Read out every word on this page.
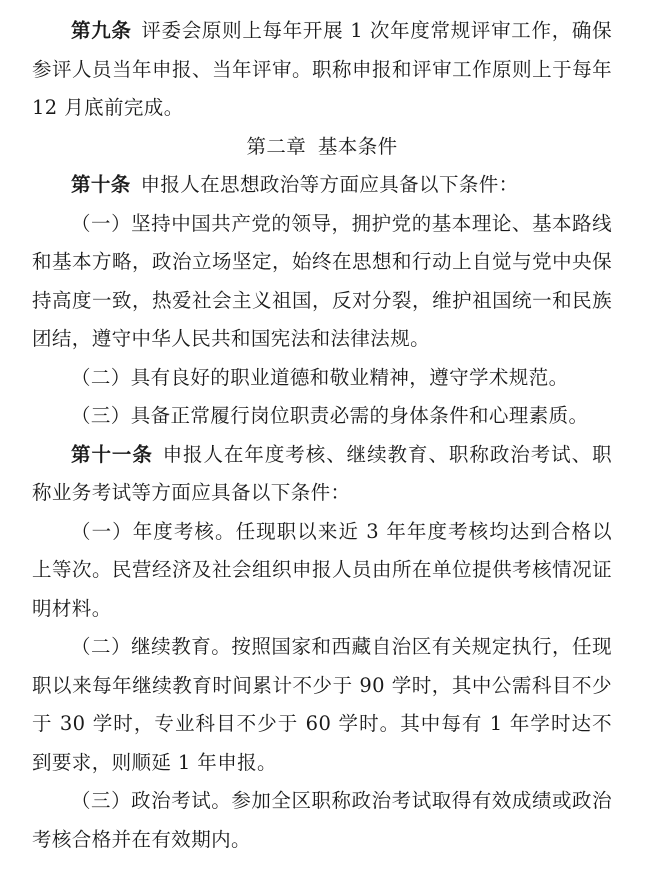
第九条 评委会原则上每年开展 1 次年度常规评审工作，确保参评人员当年申报、当年评审。职称申报和评审工作原则上于每年 12 月底前完成。

第二章 基本条件

第十条 申报人在思想政治等方面应具备以下条件：

（一）坚持中国共产党的领导，拥护党的基本理论、基本路线和基本方略，政治立场坚定，始终在思想和行动上自觉与党中央保持高度一致，热爱社会主义祖国，反对分裂，维护祖国统一和民族团结，遵守中华人民共和国宪法和法律法规。

（二）具有良好的职业道德和敬业精神，遵守学术规范。

（三）具备正常履行岗位职责必需的身体条件和心理素质。

第十一条 申报人在年度考核、继续教育、职称政治考试、职称业务考试等方面应具备以下条件：

（一）年度考核。任现职以来近 3 年年度考核均达到合格以上等次。民营经济及社会组织申报人员由所在单位提供考核情况证明材料。

（二）继续教育。按照国家和西藏自治区有关规定执行，任现职以来每年继续教育时间累计不少于 90 学时，其中公需科目不少于 30 学时，专业科目不少于 60 学时。其中每有 1 年学时达不到要求，则顺延 1 年申报。

（三）政治考试。参加全区职称政治考试取得有效成绩或政治考核合格并在有效期内。
